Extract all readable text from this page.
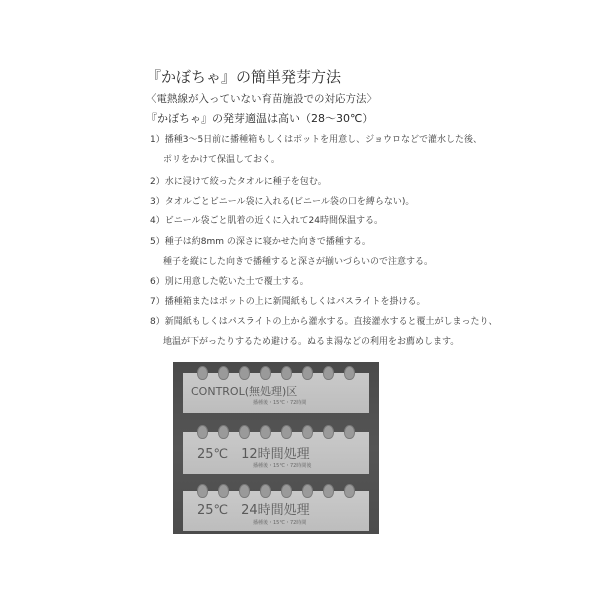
『かぼちゃ』の簡単発芽方法
〈電熱線が入っていない育苗施設での対応方法〉
『かぼちゃ』の発芽適温は高い（28～30℃）
1）播種3～5日前に播種箱もしくはポットを用意し、ジョウロなどで灌水した後、
ポリをかけて保温しておく。
2）水に浸けて絞ったタオルに種子を包む。
3）タオルごとビニール袋に入れる(ビニール袋の口を縛らない)。
4）ビニール袋ごと肌着の近くに入れて24時間保温する。
5）種子は約8mm の深さに寝かせた向きで播種する。
種子を縦にした向きで播種すると深さが揃いづらいので注意する。
6）別に用意した乾いた土で覆土する。
7）播種箱またはポットの上に新聞紙もしくはパスライトを掛ける。
8）新聞紙もしくはパスライトの上から灌水する。直接灌水すると覆土がしまったり、
地温が下がったりするため避ける。ぬるま湯などの利用をお薦めします。
CONTROL(無処理)区
播種後・15℃・72時間
25℃　12時間処理
播種後・15℃・72時間後
25℃　24時間処理
播種後・15℃・72時間
